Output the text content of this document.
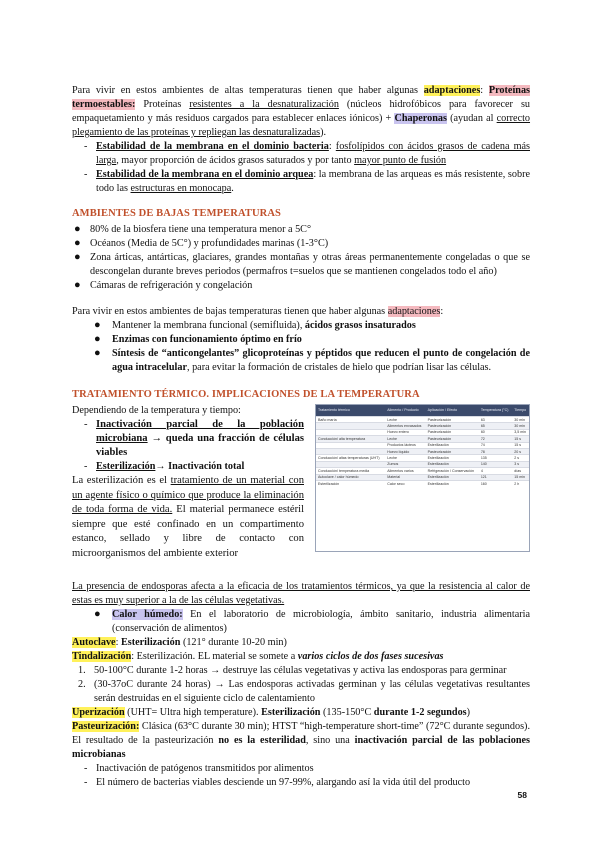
Para vivir en estos ambientes de altas temperaturas tienen que haber algunas adaptaciones: Proteínas termoestables: Proteínas resistentes a la desnaturalización (núcleos hidrofóbicos para favorecer su empaquetamiento y más residuos cargados para establecer enlaces iónicos) + Chaperonas (ayudan al correcto plegamiento de las proteínas y repliegan las desnaturalizadas).

- Estabilidad de la membrana en el dominio bacteria: fosfolípidos con ácidos grasos de cadena más larga, mayor proporción de ácidos grasos saturados y por tanto mayor punto de fusión
- Estabilidad de la membrana en el dominio arquea: la membrana de las arqueas es más resistente, sobre todo las estructuras en monocapa.
AMBIENTES DE BAJAS TEMPERATURAS
● 80% de la biosfera tiene una temperatura menor a 5C°
● Océanos (Media de 5C°) y profundidades marinas (1-3°C)
● Zona árticas, antárticas, glaciares, grandes montañas y otras áreas permanentemente congeladas o que se descongelan durante breves periodos (permafros t=suelos que se mantienen congelados todo el año)
● Cámaras de refrigeración y congelación

Para vivir en estos ambientes de bajas temperaturas tienen que haber algunas adaptaciones:

● Mantener la membrana funcional (semifluida), ácidos grasos insaturados
● Enzimas con funcionamiento óptimo en frío
● Síntesis de “anticongelantes” glicoproteínas y péptidos que reducen el punto de congelación de agua intracelular, para evitar la formación de cristales de hielo que podrían lisar las células.
TRATAMIENTO TÉRMICO. IMPLICACIONES DE LA TEMPERATURA

Dependiendo de la temperatura y tiempo:

- Inactivación parcial de la población microbiana → queda una fracción de células viables
- Esterilización→ Inactivación total

La esterilización es el tratamiento de un material con un agente físico o químico que produce la eliminación de toda forma de vida. El material permanece estéril siempre que esté confinado en un compartimento estanco, sellado y libre de contacto con microorganismos del ambiente exterior

Tratamiento térmico	Alimento / Producto	Aplicación / Efecto	Temperatura (°C)	Tiempo
Baño maría	Leche	Pasteurización	63	30 min
	Alimentos envasados	Pasteurización	65	30 min
	Huevo entero	Pasteurización	60	3,5 min
Conducción/ alta temperatura	Leche	Pasteurización	72	15 s
	Productos lácteos	Esterilización	74	15 s
	Huevo líquido	Pasteurización	78	20 s
Conducción/ altas temperaturas (UHT)	Leche	Esterilización	135	2 s
	Zumos	Esterilización	140	3 s
Conducción/ temperatura media	Alimentos varios	Refrigeración / Conservación	4	días
Autoclave / calor húmedo	Material	Esterilización	121	15 min
Esterilización	Calor seco	Esterilización	160	2 h

La presencia de endosporas afecta a la eficacia de los tratamientos térmicos, ya que la resistencia al calor de estas es muy superior a la de las células vegetativas.

● Calor húmedo: En el laboratorio de microbiología, ámbito sanitario, industria alimentaria (conservación de alimentos)

Autoclave: Esterilización (121° durante 10-20 min)

Tindalización: Esterilización. EL material se somete a varios ciclos de dos fases sucesivas

1. 50-100°C durante 1-2 horas → destruye las células vegetativas y activa las endosporas para germinar
2. (30-37oC durante 24 horas) → Las endosporas activadas germinan y las células vegetativas resultantes serán destruidas en el siguiente ciclo de calentamiento

Uperización (UHT= Ultra high temperature). Esterilización (135-150°C durante 1-2 segundos)

Pasteurización: Clásica (63°C durante 30 min); HTST “high-temperature short-time” (72°C durante segundos). El resultado de la pasteurización no es la esterilidad, sino una inactivación parcial de las poblaciones microbianas

- Inactivación de patógenos transmitidos por alimentos
- El número de bacterias viables desciende un 97-99%, alargando así la vida útil del producto
58
